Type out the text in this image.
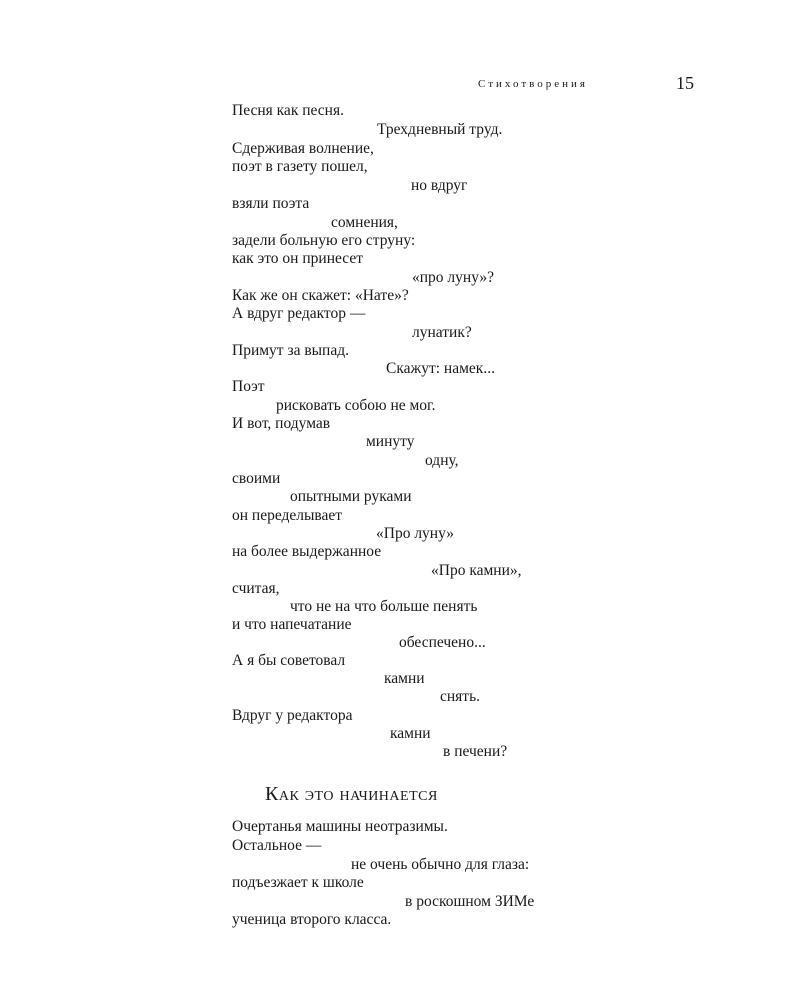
Стихотворения	15
Песня как песня.
Трехдневный труд.
Сдерживая волнение,
поэт в газету пошел,
но вдруг
взяли поэта
сомнения,
задели больную его струну:
как это он принесет
«про луну»?
Как же он скажет: «Нате»?
А вдруг редактор —
лунатик?
Примут за выпад.
Скажут: намек...
Поэт
рисковать собою не мог.
И вот, подумав
минуту
одну,
своими
опытными руками
он переделывает
«Про луну»
на более выдержанное
«Про камни»,
считая,
что не на что больше пенять
и что напечатание
обеспечено...
А я бы советовал
камни
снять.
Вдруг у редактора
камни
в печени?
Как это начинается
Очертанья машины неотразимы.
Остальное —
не очень обычно для глаза:
подъезжает к школе
в роскошном ЗИМе
ученица второго класса.
